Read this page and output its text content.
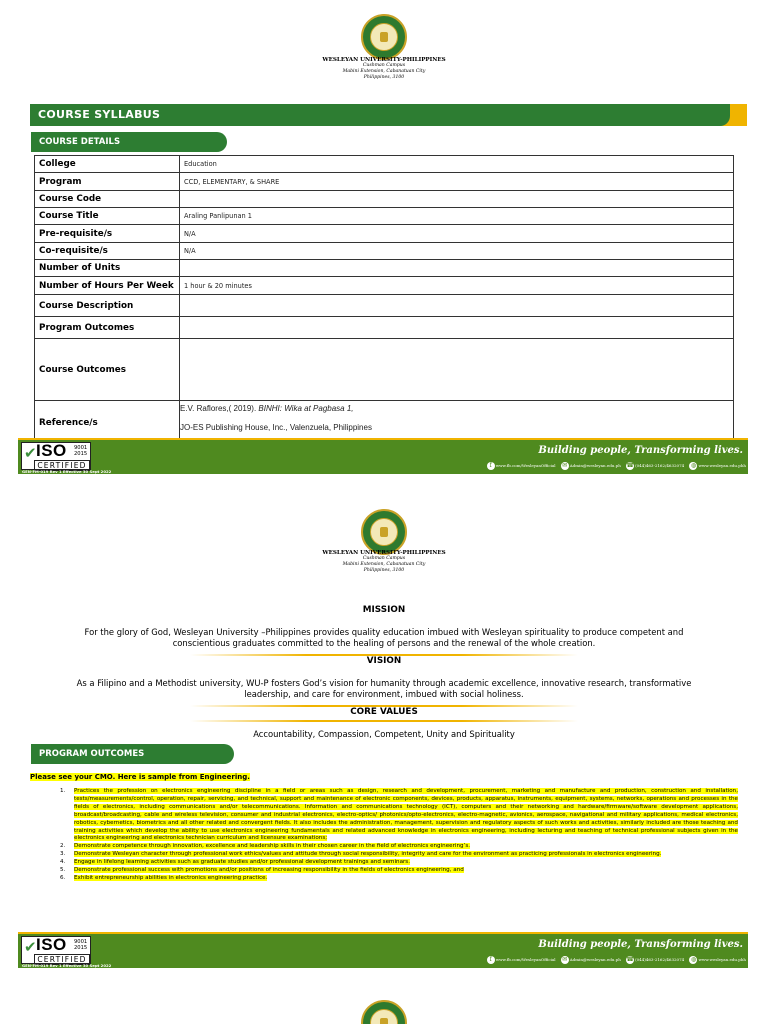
WESLEYAN UNIVERSITY-PHILIPPINES
Cushman Campus
Mabini Extension, Cabanatuan City
Philippines, 3100
COURSE SYLLABUS
COURSE DETAILS
College	Education
Program	CCD, ELEMENTARY, & SHARE
Course Code	
Course Title	Araling Panlipunan 1
Pre-requisite/s	N/A
Co-requisite/s	N/A
Number of Units	
Number of Hours Per Week	1 hour & 20 minutes
Course Description	
Program Outcomes	
Course Outcomes	
Reference/s	E.V. Raflores,( 2019). BINHI: Wika at Pagbasa 1,
JO-ES Publishing House, Inc., Valenzuela, Philippines
✔ ISO 9001
2015
CERTIFIED
GEN-FM-019 Rev 1 Effective 30 Sept 2022
Building people, Transforming lives.
f www.fb.com/WesleyanOfficial ✉ Admin@wesleyan.edu.ph ☎(044)463-2162/4632074 ◍ www.wesleyan.edu.phh
WESLEYAN UNIVERSITY-PHILIPPINES
Cushman Campus
Mabini Extension, Cabanatuan City
Philippines, 3100
MISSION
For the glory of God, Wesleyan University –Philippines provides quality education imbued with Wesleyan spirituality to produce competent and conscientious graduates committed to the healing of persons and the renewal of the whole creation.
VISION
As a Filipino and a Methodist university, WU-P fosters God’s vision for humanity through academic excellence, innovative research, transformative leadership, and care for environment, imbued with social holiness.
CORE VALUES
Accountability, Compassion, Competent, Unity and Spirituality
PROGRAM OUTCOMES
Please see your CMO. Here is sample from Engineering.
1. Practices the profession on electronics engineering discipline in a field or areas such as design, research and development, procurement, marketing and manufacture and production, construction and installation, tests/measurements/control, operation, repair, servicing, and technical, support and maintenance of electronic components, devices, products, apparatus, instruments, equipment, systems, networks, operations and processes in the fields of electronics, including communications and/or telecommunications. Information and communications technology (ICT), computers and their networking and hardware/firmware/software development applications, broadcast/broadcasting, cable and wireless television, consumer and industrial electronics, electro-optics/ photonics/opto-electronics, electro-magnetic, avionics, aerospace, navigational and military applications, medical electronics, robotics, cybernetics, biometrics and all other related and convergent fields. It also includes the administration, management, supervision and regulatory aspects of such works and activities, similarly included are those teaching and training activities which develop the ability to use electronics engineering fundamentals and related advanced knowledge in electronics engineering, including lecturing and teaching of technical professional subjects given in the electronics engineering and electronics technician curriculum and licensure examinations;
2. Demonstrate competence through innovation, excellence and leadership skills in their chosen career in the field of electronics engineering’s.
3. Demonstrate Wesleyan character through professional work ethics/values and attitude through social responsibility, integrity and care for the environment as practicing professionals in electronics engineering.
4. Engage in lifelong learning activities such as graduate studies and/or professional development trainings and seminars.
5. Demonstrate professional success with promotions and/or positions of increasing responsibility in the fields of electronics engineering, and
6. Exhibit entrepreneurship abilities in electronics engineering practice.
✔ ISO 9001
2015
CERTIFIED
GEN-FM-019 Rev 1 Effective 30 Sept 2022
Building people, Transforming lives.
f www.fb.com/WesleyanOfficial ✉ Admin@wesleyan.edu.ph ☎(044)463-2162/4632074 ◍ www.wesleyan.edu.phh
